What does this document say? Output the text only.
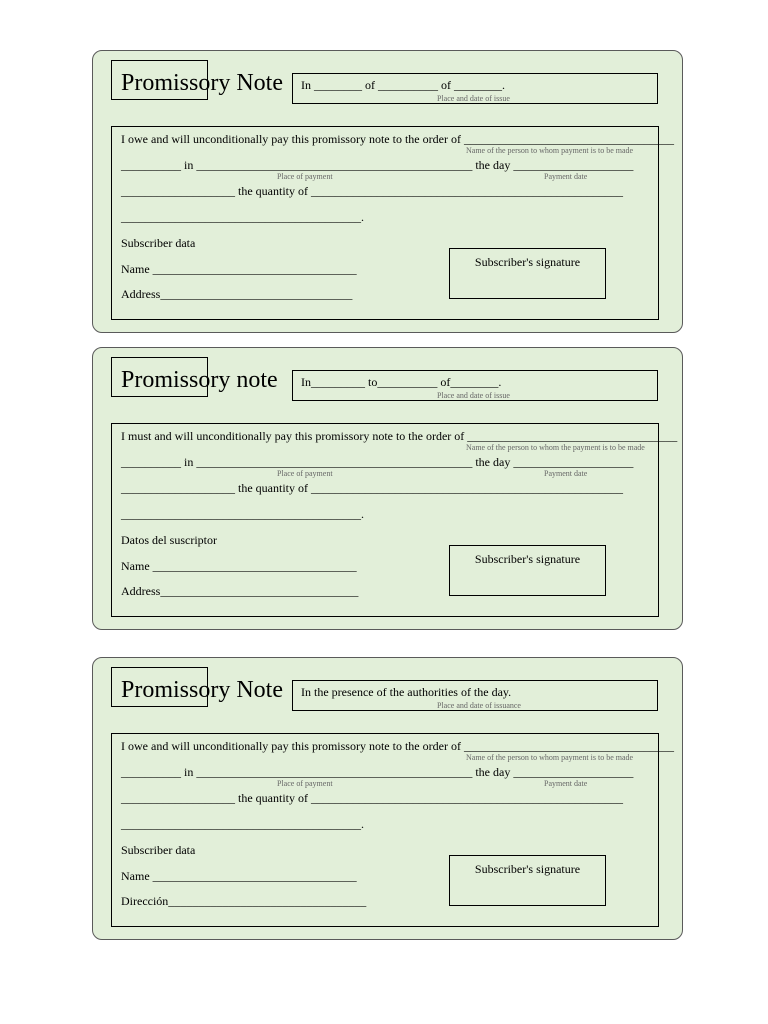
Promissory Note In ________ of __________ of ________.
Place and date of issue
I owe and will unconditionally pay this promissory note to the order of ___________________________________
Name of the person to whom payment is to be made
__________ in ______________________________________________ the day ____________________
Place of payment	Payment date
___________________ the quantity of ____________________________________________________
________________________________________.
Subscriber data
Name __________________________________
Address________________________________
Subscriber's signature
Promissory note In_________ to__________ of________.
Place and date of issue
I must and will unconditionally pay this promissory note to the order of ___________________________________
Name of the person to whom the payment is to be made
__________ in ______________________________________________ the day ____________________
Place of payment	Payment date
___________________ the quantity of ____________________________________________________
________________________________________.
Datos del suscriptor
Name __________________________________
Address_________________________________
Subscriber's signature
Promissory Note In the presence of the authorities of the day.
Place and date of issuance
I owe and will unconditionally pay this promissory note to the order of ___________________________________
Name of the person to whom payment is to be made
__________ in ______________________________________________ the day ____________________
Place of payment	Payment date
___________________ the quantity of ____________________________________________________
________________________________________.
Subscriber data
Name __________________________________
Dirección_________________________________
Subscriber's signature
